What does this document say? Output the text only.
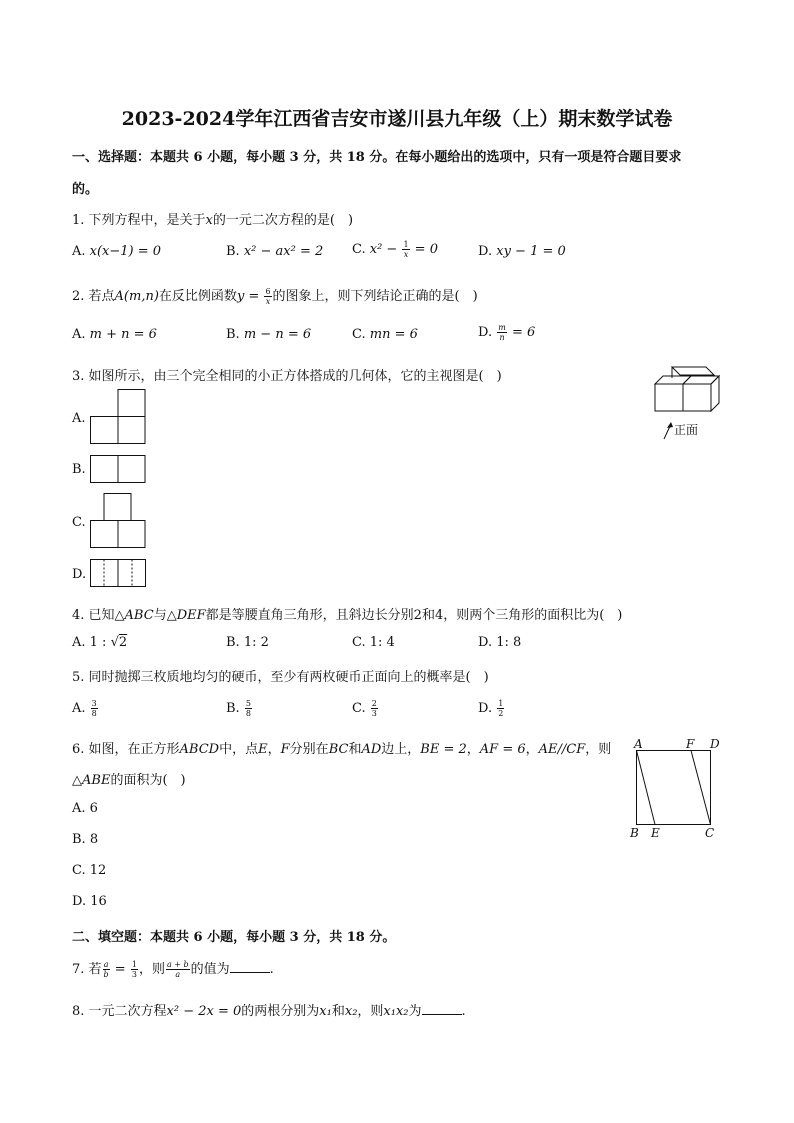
2023-2024学年江西省吉安市遂川县九年级（上）期末数学试卷
一、选择题：本题共 6 小题，每小题 3 分，共 18 分。在每小题给出的选项中，只有一项是符合题目要求
的。
1. 下列方程中，是关于x的一元二次方程的是(　)
A. x(x−1) = 0	B. x² − ax² = 2 C. $x^2 - \frac{1}{x} = 0$	D. xy − 1 = 0
2. 若点A(m,n)在反比例函数$y = \frac{6}{x}$ 的图象上，则下列结论正确的是(　)
A. m + n = 6	B. m − n = 6	C. mn = 6	D. $\frac{m}{n} = 6$
3. 如图所示，由三个完全相同的小正方体搭成的几何体，它的主视图是(　)
正面
A.
B.
C.
D.
4. 已知△ABC与△DEF都是等腰直角三角形，且斜边长分别2和4，则两个三角形的面积比为(　)
A. 1 : √2	B. 1: 2	C. 1: 4	D. 1: 8
5. 同时抛掷三枚质地均匀的硬币，至少有两枚硬币正面向上的概率是(　)
A. $\frac{3}{8}$	B. $\frac{5}{8}$	C. $\frac{2}{3}$	D. $\frac{1}{2}$
6. 如图，在正方形ABCD中，点E，F分别在BC和AD边上，BE = 2，AF = 6，AE//CF，则
△ABE的面积为(　)
A. 6
B. 8
C. 12
D. 16
A	F D
B E	C
二、填空题：本题共 6 小题，每小题 3 分，共 18 分。
7. 若 $\frac{a}{b} = \frac{1}{3}$ ，则 $\frac{a + b}{a}$ 的值为	.
8. 一元二次方程x² − 2x = 0的两根分别为x₁和x₂，则x₁x₂为	.
